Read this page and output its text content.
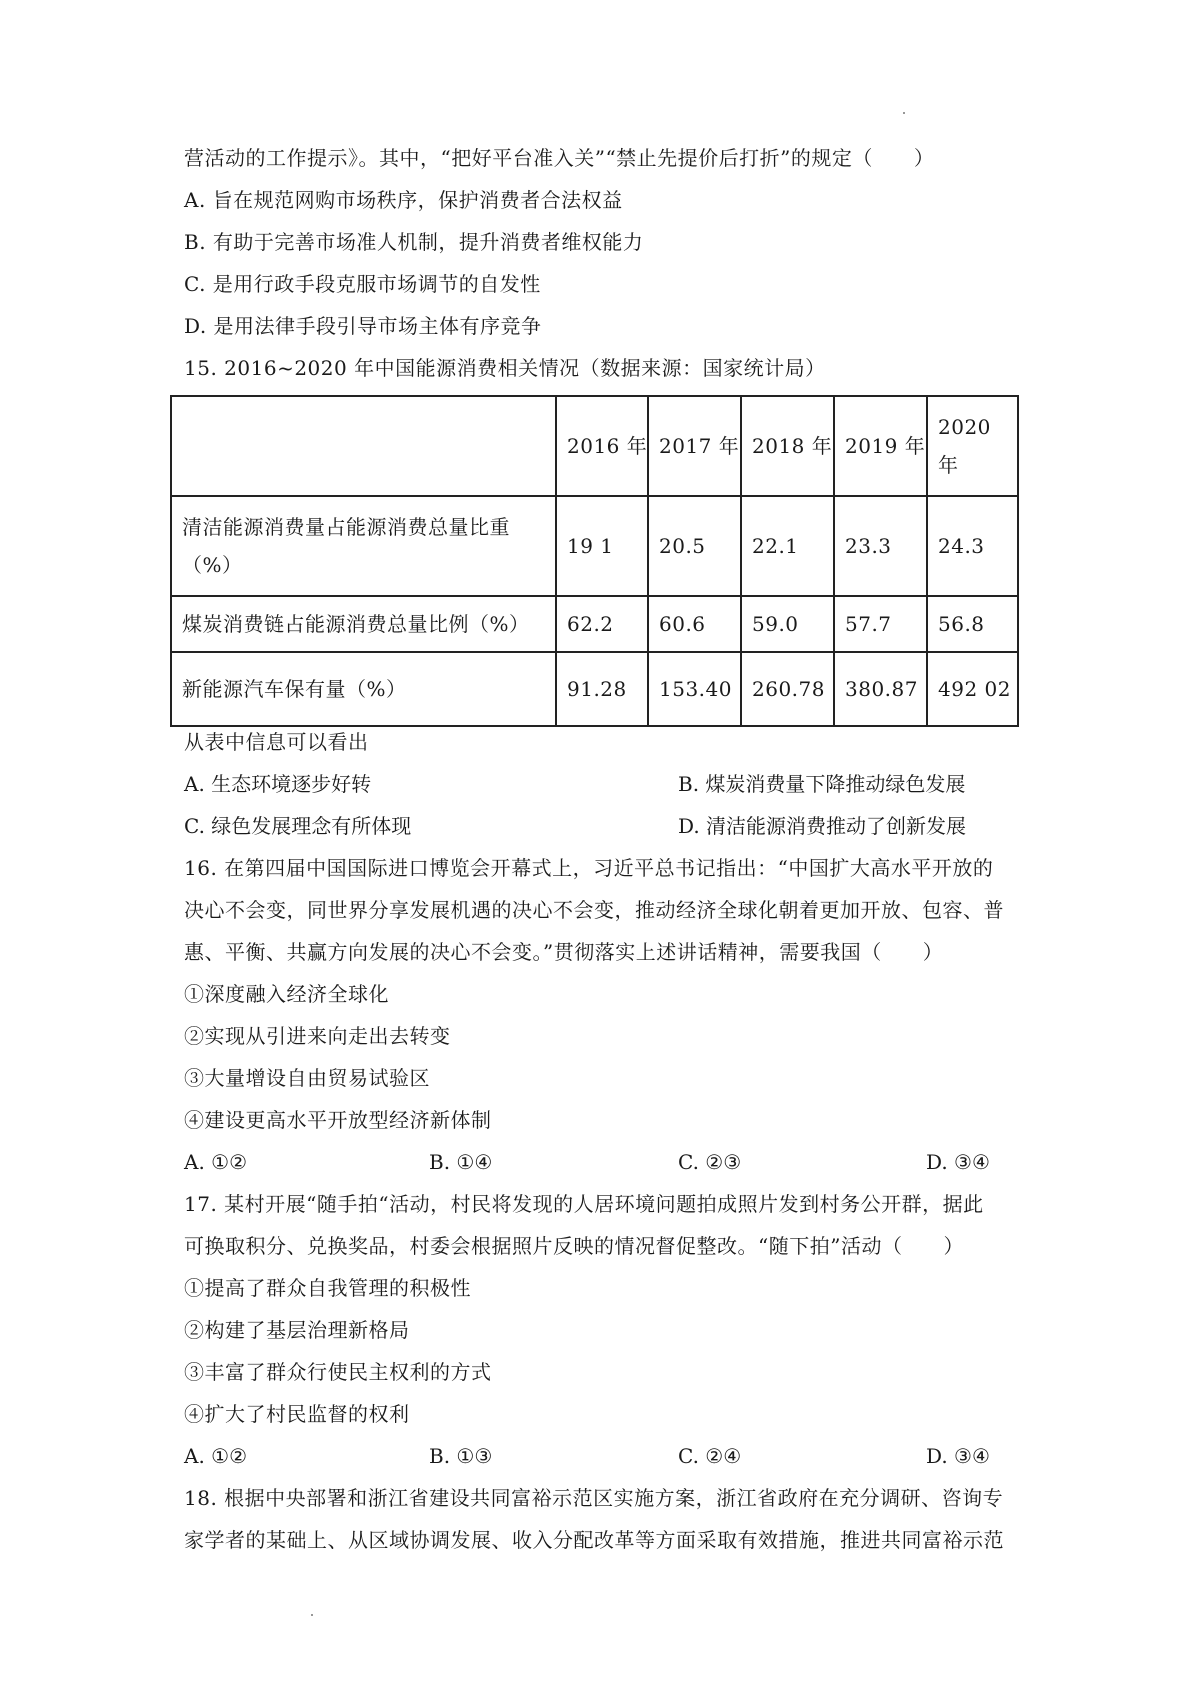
营活动的工作提示》。其中，“把好平台准入关”“禁止先提价后打折”的规定（　　）
A. 旨在规范网购市场秩序，保护消费者合法权益
B. 有助于完善市场准人机制，提升消费者维权能力
C. 是用行政手段克服市场调节的自发性
D. 是用法律手段引导市场主体有序竞争
15. 2016~2020 年中国能源消费相关情况（数据来源：国家统计局）
	2016 年	2017 年	2018 年	2019 年	2020 年
清洁能源消费量占能源消费总量比重（%）	19 1	20.5	22.1	23.3	24.3
煤炭消费链占能源消费总量比例（%）	62.2	60.6	59.0	57.7	56.8
新能源汽车保有量（%）	91.28	153.40	260.78	380.87	492 02
从表中信息可以看出
A. 生态环境逐步好转	B. 煤炭消费量下降推动绿色发展
C. 绿色发展理念有所体现	D. 清洁能源消费推动了创新发展
16. 在第四届中国国际进口博览会开幕式上，习近平总书记指出：“中国扩大高水平开放的
决心不会变，同世界分享发展机遇的决心不会变，推动经济全球化朝着更加开放、包容、普
惠、平衡、共赢方向发展的决心不会变。”贯彻落实上述讲话精神，需要我国（　　）
①深度融入经济全球化
②实现从引进来向走出去转变
③大量增设自由贸易试验区
④建设更高水平开放型经济新体制
A. ①②	B. ①④	C. ②③	D. ③④
17. 某村开展“随手拍“活动，村民将发现的人居环境问题拍成照片发到村务公开群，据此
可换取积分、兑换奖品，村委会根据照片反映的情况督促整改。“随下拍”活动（　　）
①提高了群众自我管理的积极性
②构建了基层治理新格局
③丰富了群众行使民主权利的方式
④扩大了村民监督的权利
A. ①②	B. ①③	C. ②④	D. ③④
18. 根据中央部署和浙江省建设共同富裕示范区实施方案，浙江省政府在充分调研、咨询专
家学者的某础上、从区域协调发展、收入分配改革等方面采取有效措施，推进共同富裕示范
